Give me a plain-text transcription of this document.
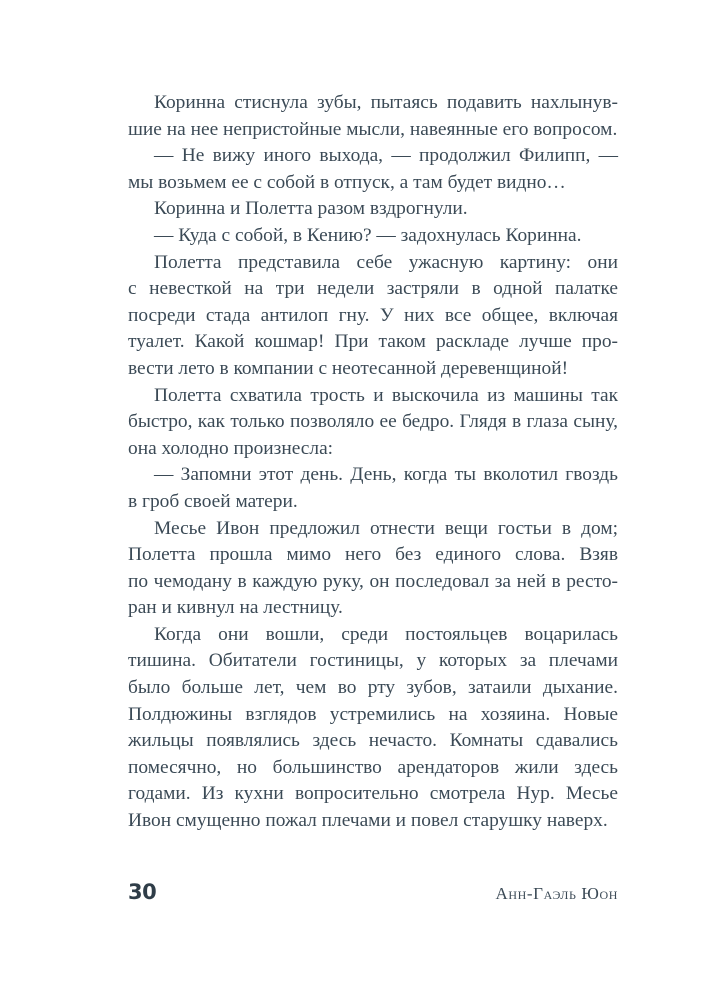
Коринна стиснула зубы, пытаясь подавить нахлынув-
шие на нее непристойные мысли, навеянные его вопросом.
— Не вижу иного выхода, — продолжил Филипп, —
мы возьмем ее с собой в отпуск, а там будет видно…
Коринна и Полетта разом вздрогнули.
— Куда с собой, в Кению? — задохнулась Коринна.
Полетта представила себе ужасную картину: они
с невесткой на три недели застряли в одной палатке
посреди стада антилоп гну. У них все общее, включая
туалет. Какой кошмар! При таком раскладе лучше про-
вести лето в компании с неотесанной деревенщиной!
Полетта схватила трость и выскочила из машины так
быстро, как только позволяло ее бедро. Глядя в глаза сыну,
она холодно произнесла:
— Запомни этот день. День, когда ты вколотил гвоздь
в гроб своей матери.
Месье Ивон предложил отнести вещи гостьи в дом;
Полетта прошла мимо него без единого слова. Взяв
по чемодану в каждую руку, он последовал за ней в ресто-
ран и кивнул на лестницу.
Когда они вошли, среди постояльцев воцарилась
тишина. Обитатели гостиницы, у которых за плечами
было больше лет, чем во рту зубов, затаили дыхание.
Полдюжины взглядов устремились на хозяина. Новые
жильцы появлялись здесь нечасто. Комнаты сдавались
помесячно, но большинство арендаторов жили здесь
годами. Из кухни вопросительно смотрела Нур. Месье
Ивон смущенно пожал плечами и повел старушку наверх.
30	Анн-Гаэль Юон
